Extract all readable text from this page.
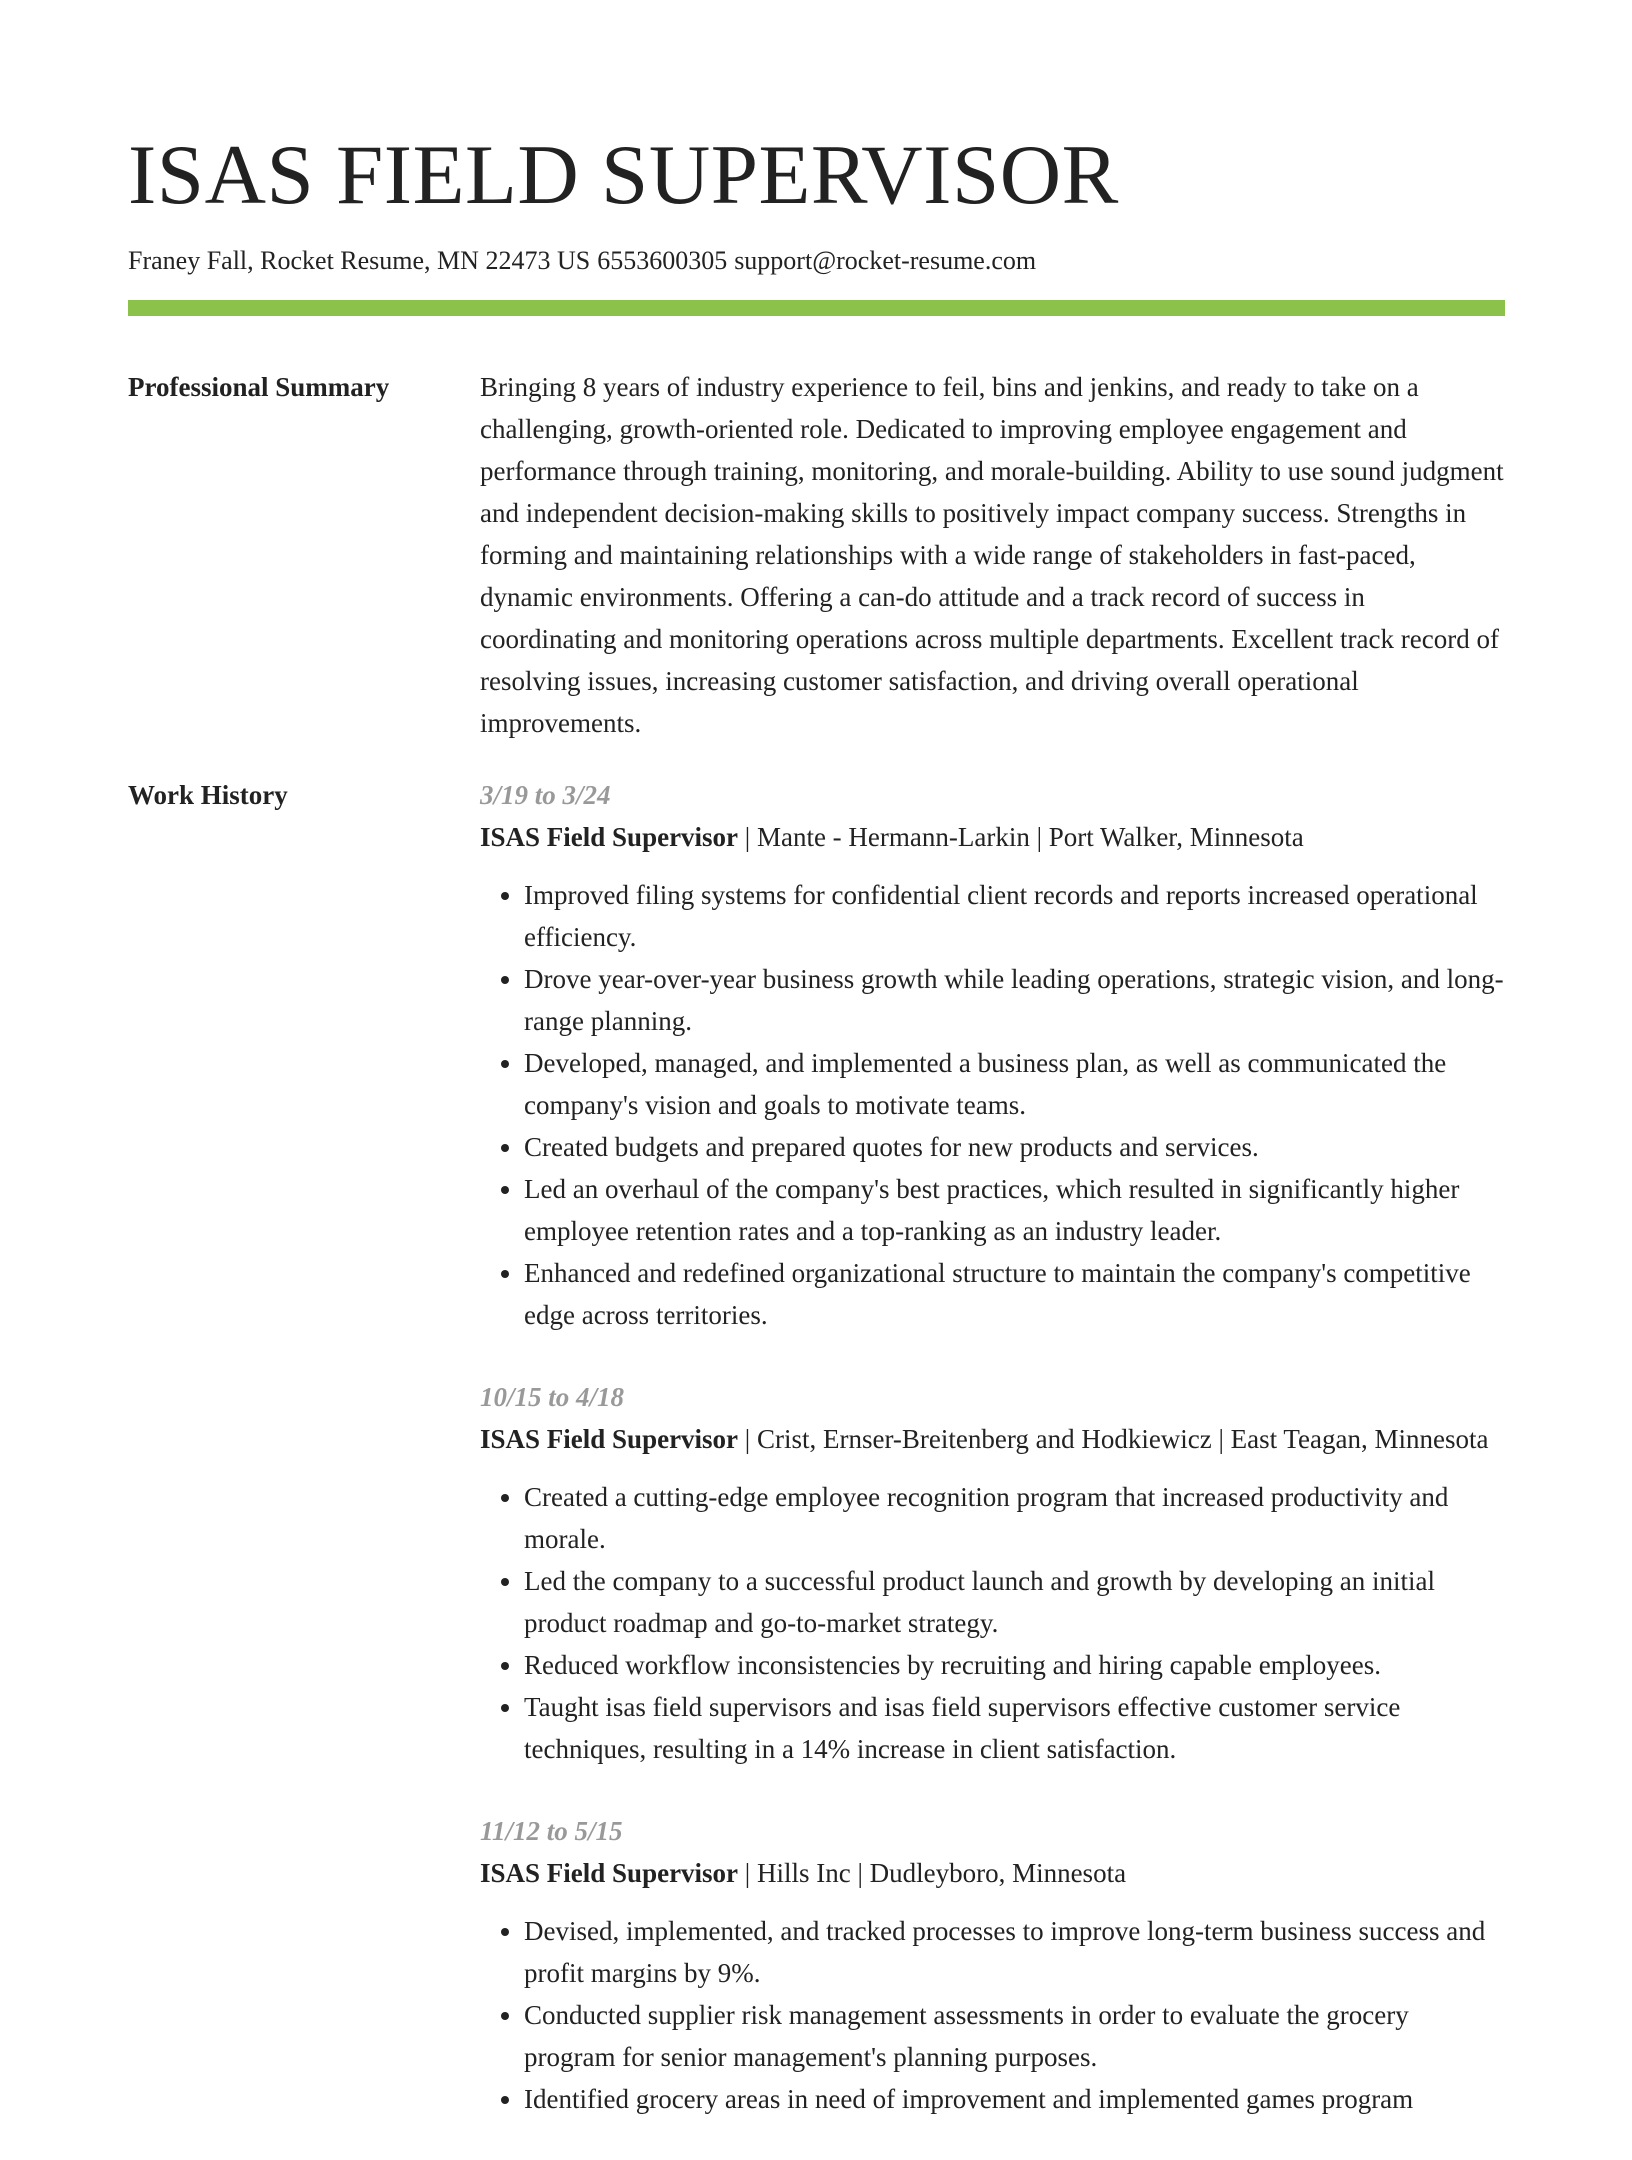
ISAS FIELD SUPERVISOR
Franey Fall, Rocket Resume, MN 22473 US 6553600305 support@rocket-resume.com
Professional Summary	Bringing 8 years of industry experience to feil, bins and jenkins, and ready to take on a challenging, growth-oriented role. Dedicated to improving employee engagement and performance through training, monitoring, and morale-building. Ability to use sound judgment and independent decision-making skills to positively impact company success. Strengths in forming and maintaining relationships with a wide range of stakeholders in fast-paced, dynamic environments. Offering a can-do attitude and a track record of success in coordinating and monitoring operations across multiple departments. Excellent track record of resolving issues, increasing customer satisfaction, and driving overall operational improvements.

Work History	3/19 to 3/24
ISAS Field Supervisor | Mante - Hermann-Larkin | Port Walker, Minnesota
• Improved filing systems for confidential client records and reports increased operational efficiency.
• Drove year-over-year business growth while leading operations, strategic vision, and long-range planning.
• Developed, managed, and implemented a business plan, as well as communicated the company's vision and goals to motivate teams.
• Created budgets and prepared quotes for new products and services.
• Led an overhaul of the company's best practices, which resulted in significantly higher employee retention rates and a top-ranking as an industry leader.
• Enhanced and redefined organizational structure to maintain the company's competitive edge across territories.
10/15 to 4/18
ISAS Field Supervisor | Crist, Ernser-Breitenberg and Hodkiewicz | East Teagan, Minnesota
• Created a cutting-edge employee recognition program that increased productivity and morale.
• Led the company to a successful product launch and growth by developing an initial product roadmap and go-to-market strategy.
• Reduced workflow inconsistencies by recruiting and hiring capable employees.
• Taught isas field supervisors and isas field supervisors effective customer service techniques, resulting in a 14% increase in client satisfaction.
11/12 to 5/15
ISAS Field Supervisor | Hills Inc | Dudleyboro, Minnesota
• Devised, implemented, and tracked processes to improve long-term business success and profit margins by 9%.
• Conducted supplier risk management assessments in order to evaluate the grocery program for senior management's planning purposes.
• Identified grocery areas in need of improvement and implemented games program
